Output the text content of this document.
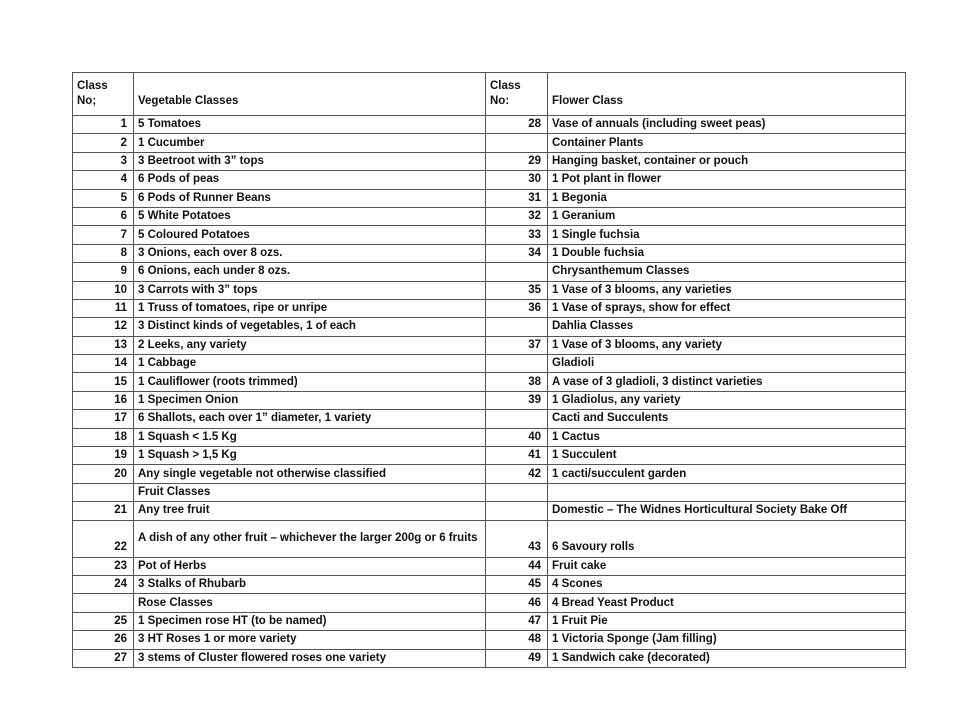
Class No;	Vegetable Classes	Class No:	Flower Class
1	5 Tomatoes	28	Vase of annuals (including sweet peas)
2	1 Cucumber		Container Plants
3	3 Beetroot with 3” tops	29	Hanging basket, container or pouch
4	6 Pods of peas	30	1 Pot plant in flower
5	6 Pods of Runner Beans	31	1 Begonia
6	5 White Potatoes	32	1 Geranium
7	5 Coloured Potatoes	33	1 Single fuchsia
8	3 Onions, each over 8 ozs.	34	1 Double fuchsia
9	6 Onions, each under 8 ozs.		Chrysanthemum Classes
10	3 Carrots with 3” tops	35	1 Vase of 3 blooms, any varieties
11	1 Truss of tomatoes, ripe or unripe	36	1 Vase of sprays, show for effect
12	3 Distinct kinds of vegetables, 1 of each		Dahlia Classes
13	2 Leeks, any variety	37	1 Vase of 3 blooms, any variety
14	1 Cabbage		Gladioli
15	1 Cauliflower (roots trimmed)	38	A vase of 3 gladioli, 3 distinct varieties
16	1 Specimen Onion	39	1 Gladiolus, any variety
17	6 Shallots, each over 1” diameter, 1 variety		Cacti and Succulents
18	1 Squash < 1.5 Kg	40	1 Cactus
19	1 Squash > 1,5 Kg	41	1 Succulent
20	Any single vegetable not otherwise classified	42	1 cacti/succulent garden
	Fruit Classes		
21	Any tree fruit		Domestic – The Widnes Horticultural Society Bake Off
22	A dish of any other fruit – whichever the larger 200g or 6 fruits	43	6 Savoury rolls
23	Pot of Herbs	44	Fruit cake
24	3 Stalks of Rhubarb	45	4 Scones
	Rose Classes	46	4 Bread Yeast Product
25	1 Specimen rose HT (to be named)	47	1 Fruit Pie
26	3 HT Roses 1 or more variety	48	1 Victoria Sponge (Jam filling)
27	3 stems of Cluster flowered roses one variety	49	1 Sandwich cake (decorated)
